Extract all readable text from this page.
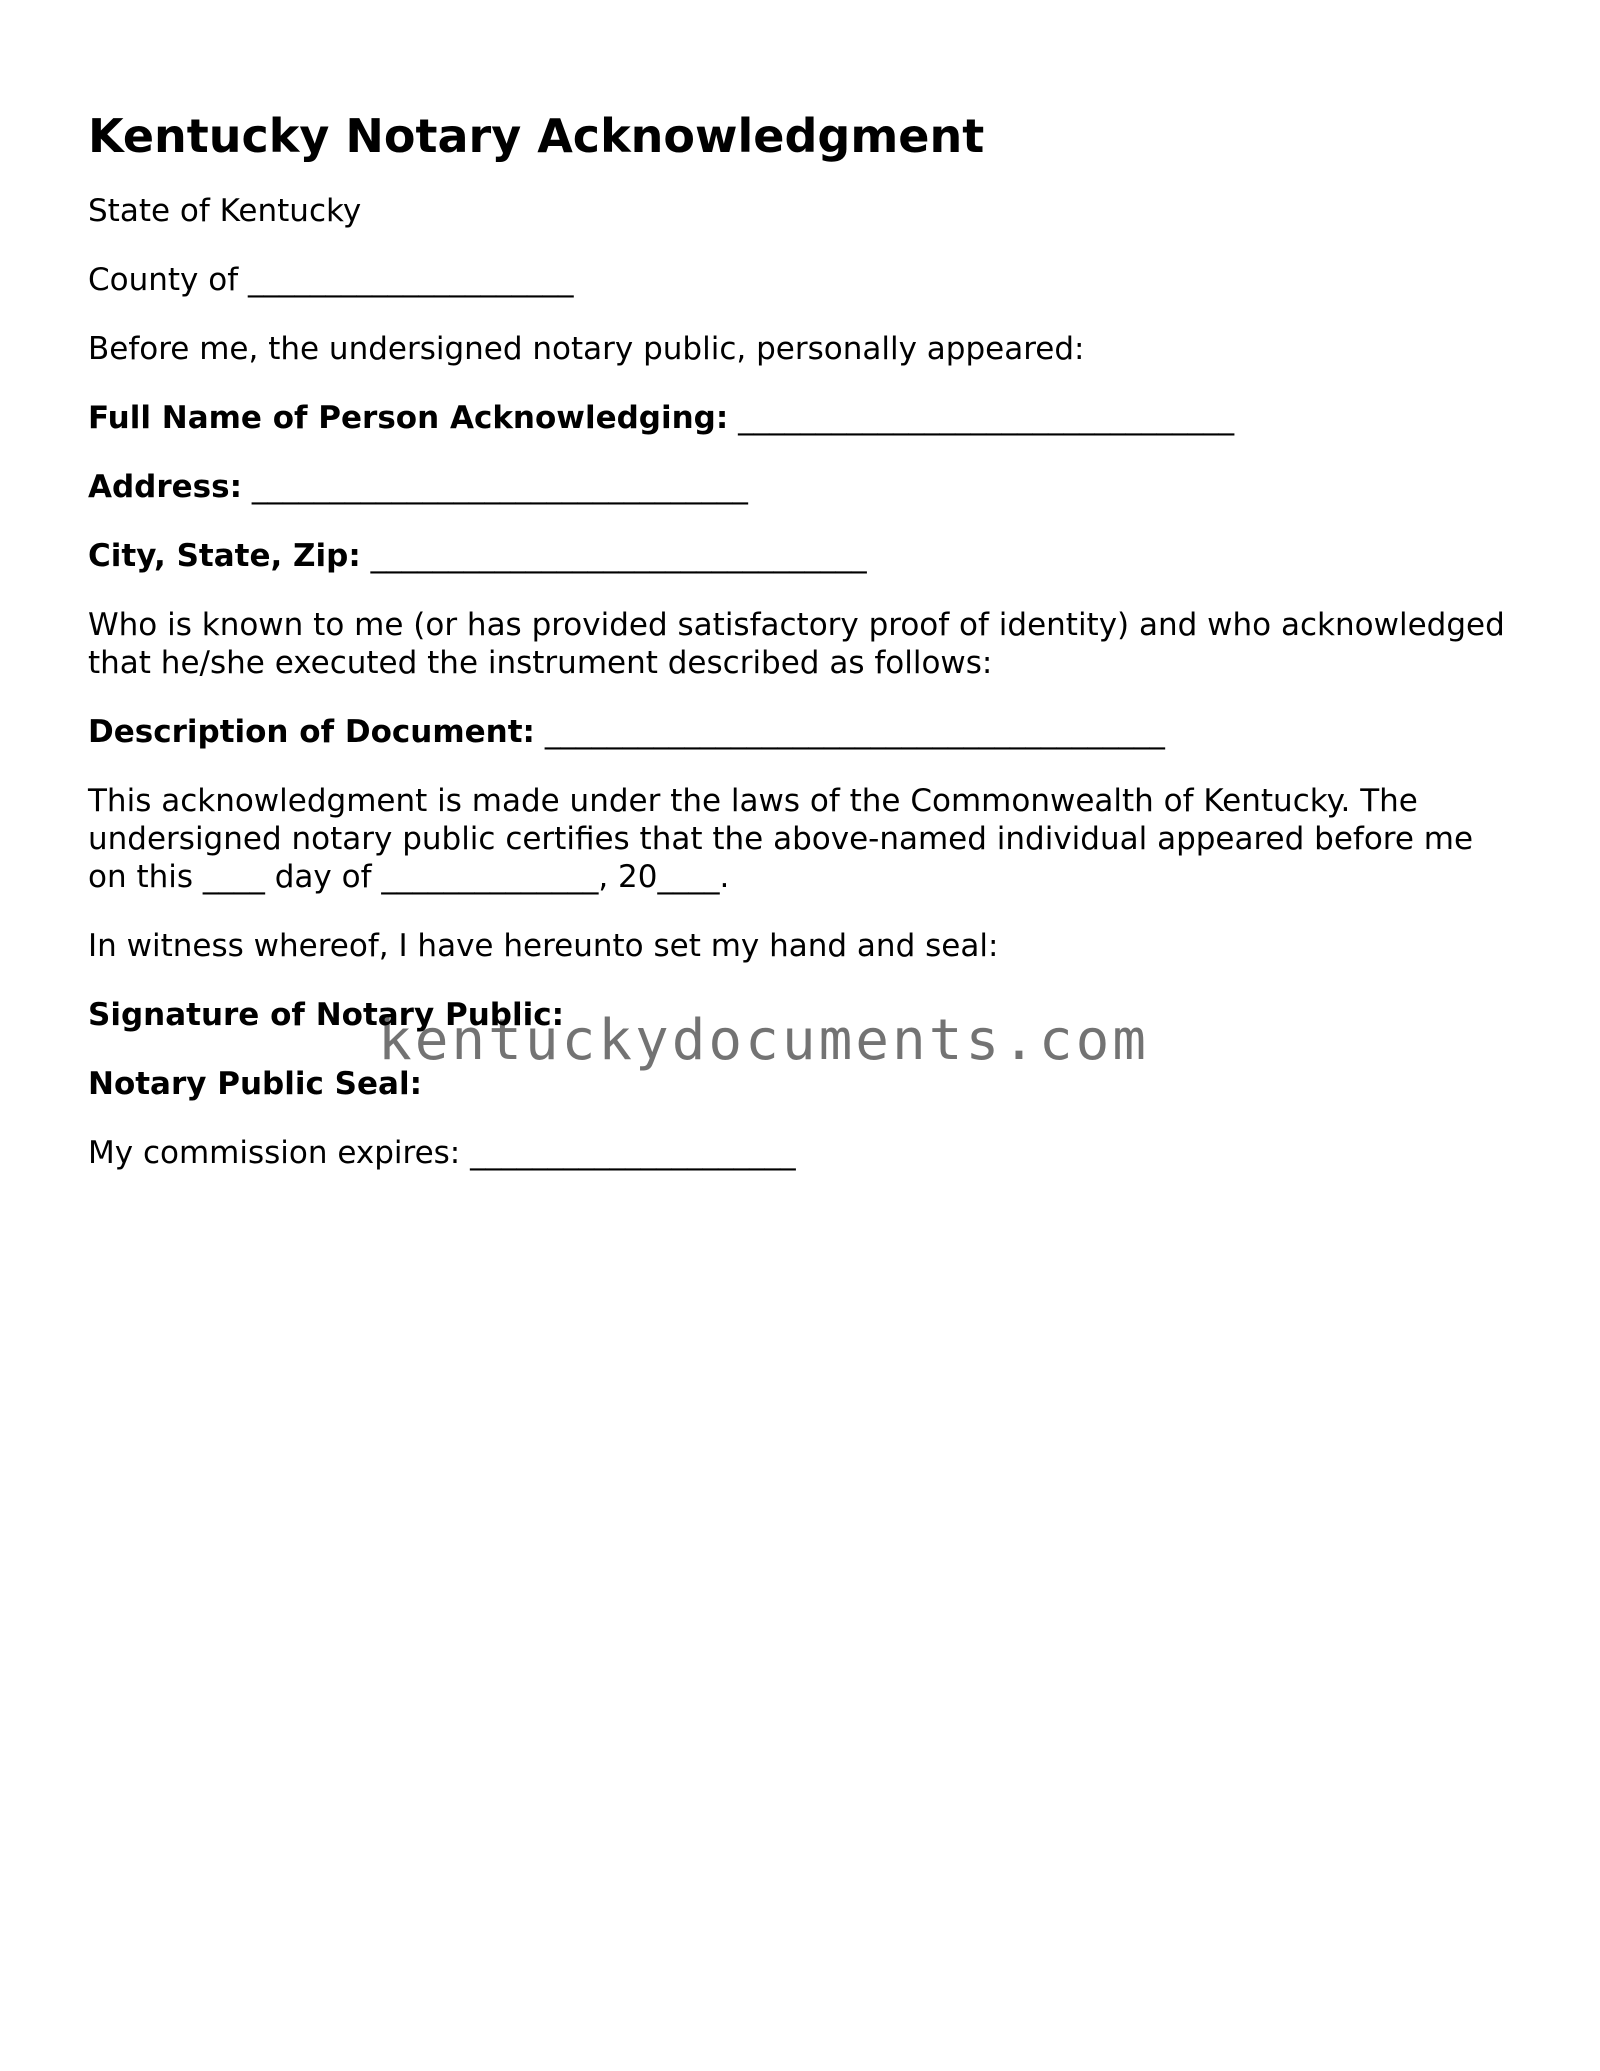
Kentucky Notary Acknowledgment

State of Kentucky

County of _____________________

Before me, the undersigned notary public, personally appeared:

Full Name of Person Acknowledging: ________________________________

Address: ________________________________

City, State, Zip: ________________________________

Who is known to me (or has provided satisfactory proof of identity) and who acknowledged that he/she executed the instrument described as follows:

Description of Document: ________________________________________

This acknowledgment is made under the laws of the Commonwealth of Kentucky. The undersigned notary public certifies that the above-named individual appeared before me on this ____ day of ______________, 20____.

In witness whereof, I have hereunto set my hand and seal:

Signature of Notary Public:

Notary Public Seal:

My commission expires: _____________________

kentuckydocuments.com
